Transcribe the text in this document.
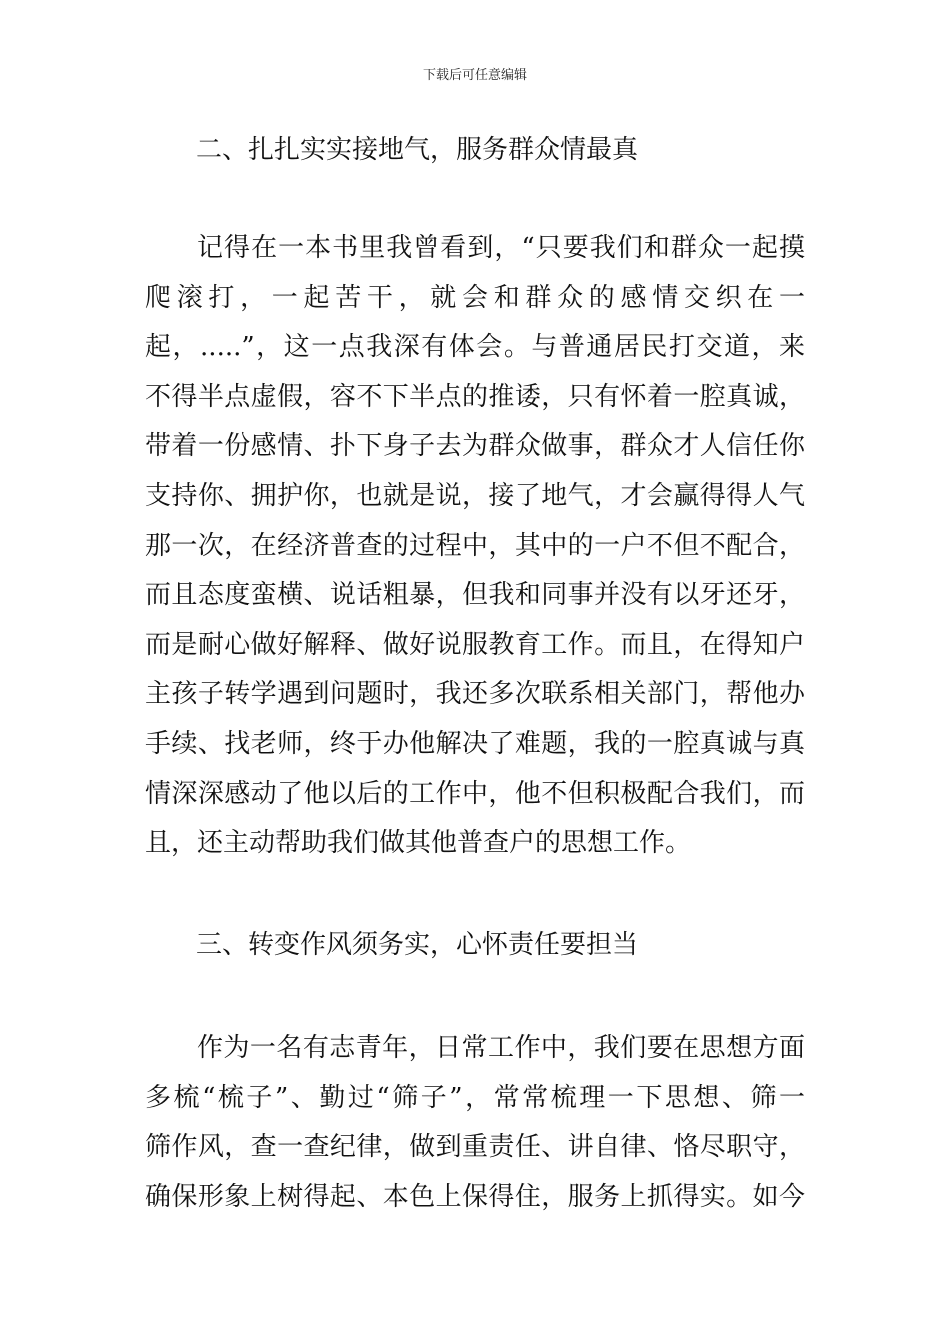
下载后可任意编辑
二、扎扎实实接地气，服务群众情最真
记得在一本书里我曾看到，“只要我们和群众一起摸
爬滚打，一起苦干，就会和群众的感情交织在一
起，.....”，这一点我深有体会。与普通居民打交道，来
不得半点虚假，容不下半点的推诿，只有怀着一腔真诚，
带着一份感情、扑下身子去为群众做事，群众才人信任你
支持你、拥护你，也就是说，接了地气，才会赢得得人气
那一次，在经济普查的过程中，其中的一户不但不配合，
而且态度蛮横、说话粗暴，但我和同事并没有以牙还牙，
而是耐心做好解释、做好说服教育工作。而且，在得知户
主孩子转学遇到问题时，我还多次联系相关部门，帮他办
手续、找老师，终于办他解决了难题，我的一腔真诚与真
情深深感动了他以后的工作中，他不但积极配合我们，而
且，还主动帮助我们做其他普查户的思想工作。
三、转变作风须务实，心怀责任要担当
作为一名有志青年，日常工作中，我们要在思想方面
多梳“梳子”、勤过“筛子”，常常梳理一下思想、筛一
筛作风，查一查纪律，做到重责任、讲自律、恪尽职守，
确保形象上树得起、本色上保得住，服务上抓得实。如今
